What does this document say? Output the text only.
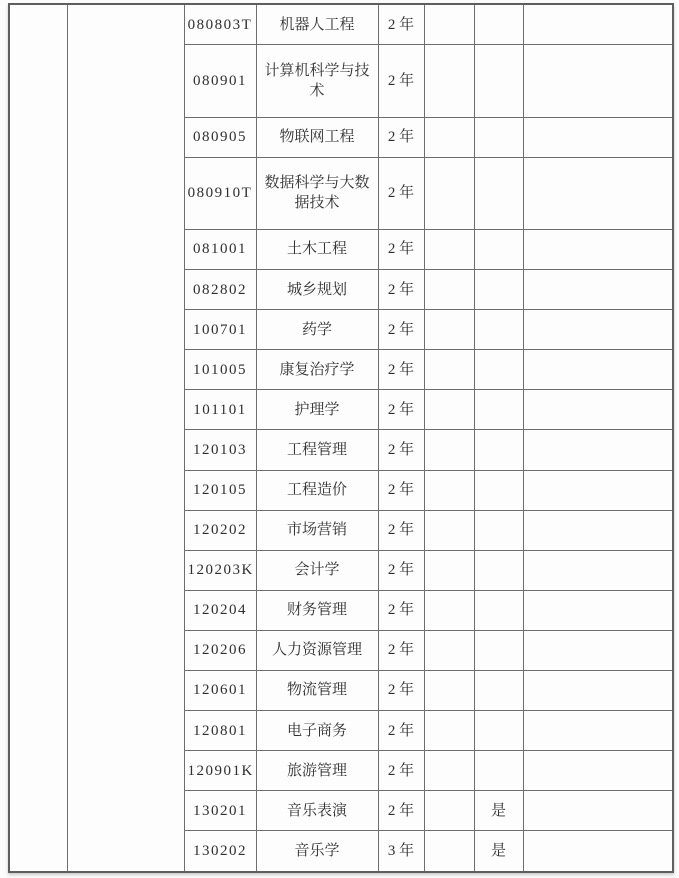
		080803T	机器人工程	2 年			
		080901	计算机科学与技术	2 年			
		080905	物联网工程	2 年			
		080910T	数据科学与大数据技术	2 年			
		081001	土木工程	2 年			
		082802	城乡规划	2 年			
		100701	药学	2 年			
		101005	康复治疗学	2 年			
		101101	护理学	2 年			
		120103	工程管理	2 年			
		120105	工程造价	2 年			
		120202	市场营销	2 年			
		120203K	会计学	2 年			
		120204	财务管理	2 年			
		120206	人力资源管理	2 年			
		120601	物流管理	2 年			
		120801	电子商务	2 年			
		120901K	旅游管理	2 年			
		130201	音乐表演	2 年		是	
		130202	音乐学	3 年		是	
